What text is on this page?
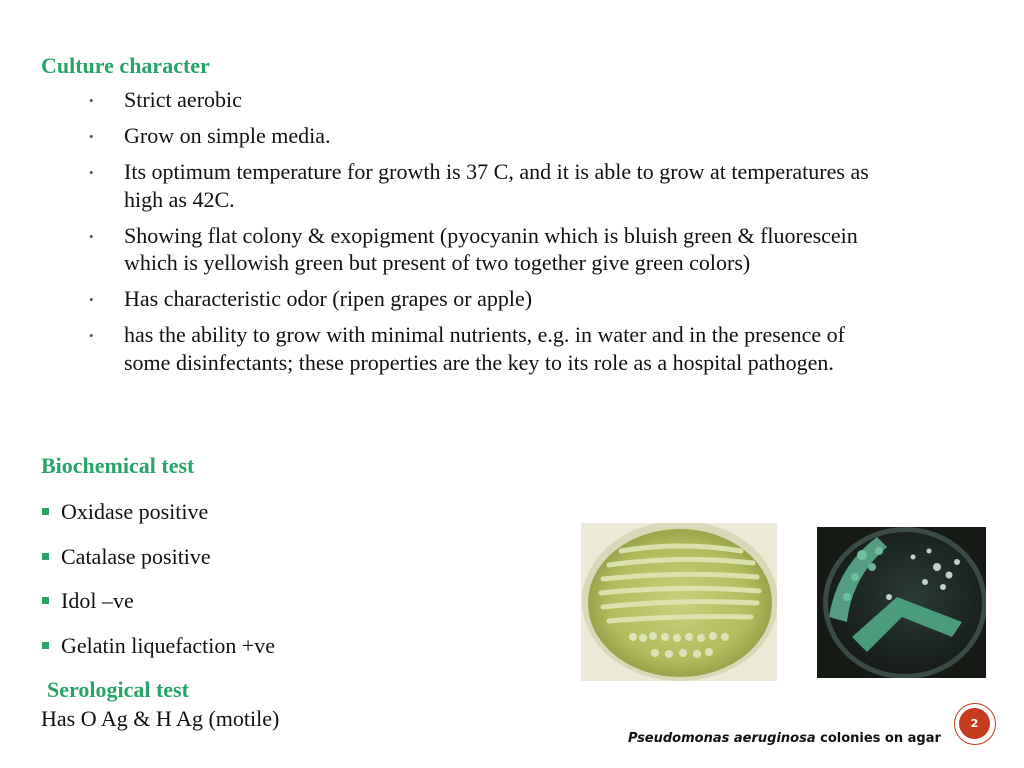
Culture character
• Strict aerobic
• Grow on simple media.
• Its optimum temperature for growth is 37 C, and it is able to grow at temperatures as high as 42C.
• Showing flat colony & exopigment (pyocyanin which is bluish green & fluorescein which is yellowish green but present of two together give green colors)
• Has characteristic odor (ripen grapes or apple)
• has the ability to grow with minimal nutrients, e.g. in water and in the presence of some disinfectants; these properties are the key to its role as a hospital pathogen.
Biochemical test
Oxidase positive
Catalase positive
Idol –ve
Gelatin liquefaction +ve
Serological test
Has O Ag & H Ag (motile)
Pseudomonas aeruginosa colonies on agar
2
